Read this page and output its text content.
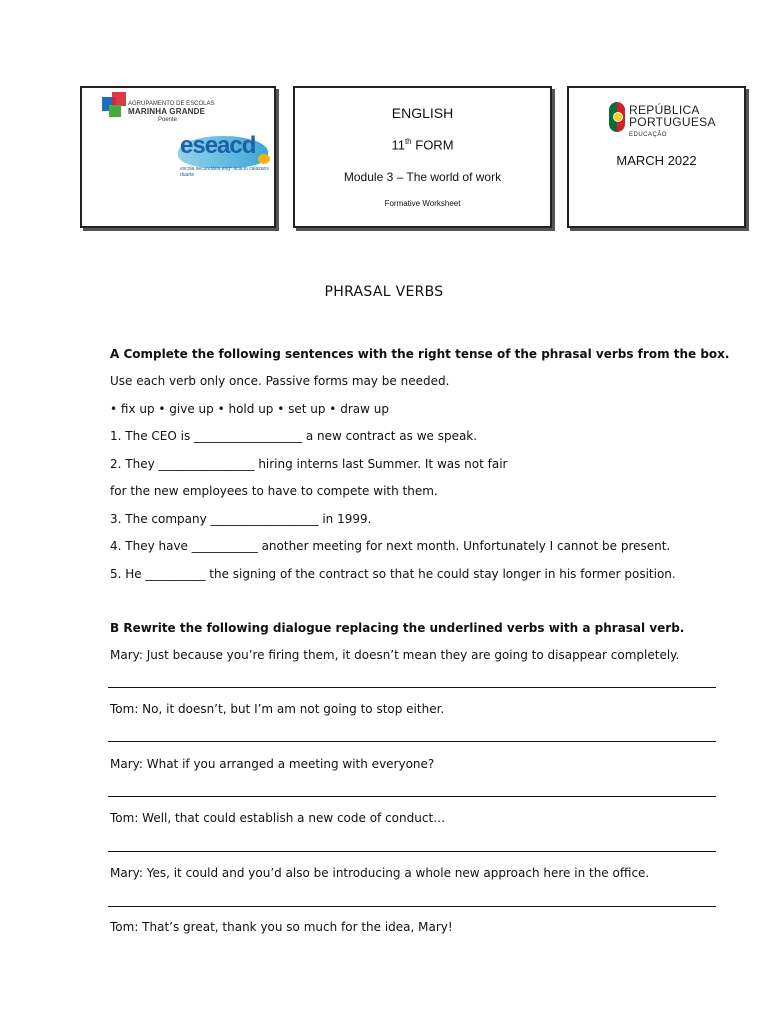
AGRUPAMENTO DE ESCOLAS
MARINHA GRANDE
Poente
eseacd
escola secundária engº acácio calazans duarte
ENGLISH
11th FORM
Module 3 – The world of work
Formative Worksheet
REPÚBLICA
PORTUGUESA
EDUCAÇÃO
MARCH 2022
PHRASAL VERBS
A Complete the following sentences with the right tense of the phrasal verbs from the box.
Use each verb only once. Passive forms may be needed.
• fix up • give up • hold up • set up • draw up
1. The CEO is __________________ a new contract as we speak.
2. They ________________ hiring interns last Summer. It was not fair
for the new employees to have to compete with them.
3. The company __________________ in 1999.
4. They have ___________ another meeting for next month. Unfortunately I cannot be present.
5. He __________ the signing of the contract so that he could stay longer in his former position.
B Rewrite the following dialogue replacing the underlined verbs with a phrasal verb.
Mary: Just because you’re firing them, it doesn’t mean they are going to disappear completely.
Tom: No, it doesn’t, but I’m am not going to stop either.
Mary: What if you arranged a meeting with everyone?
Tom: Well, that could establish a new code of conduct…
Mary: Yes, it could and you’d also be introducing a whole new approach here in the office.
Tom: That’s great, thank you so much for the idea, Mary!
